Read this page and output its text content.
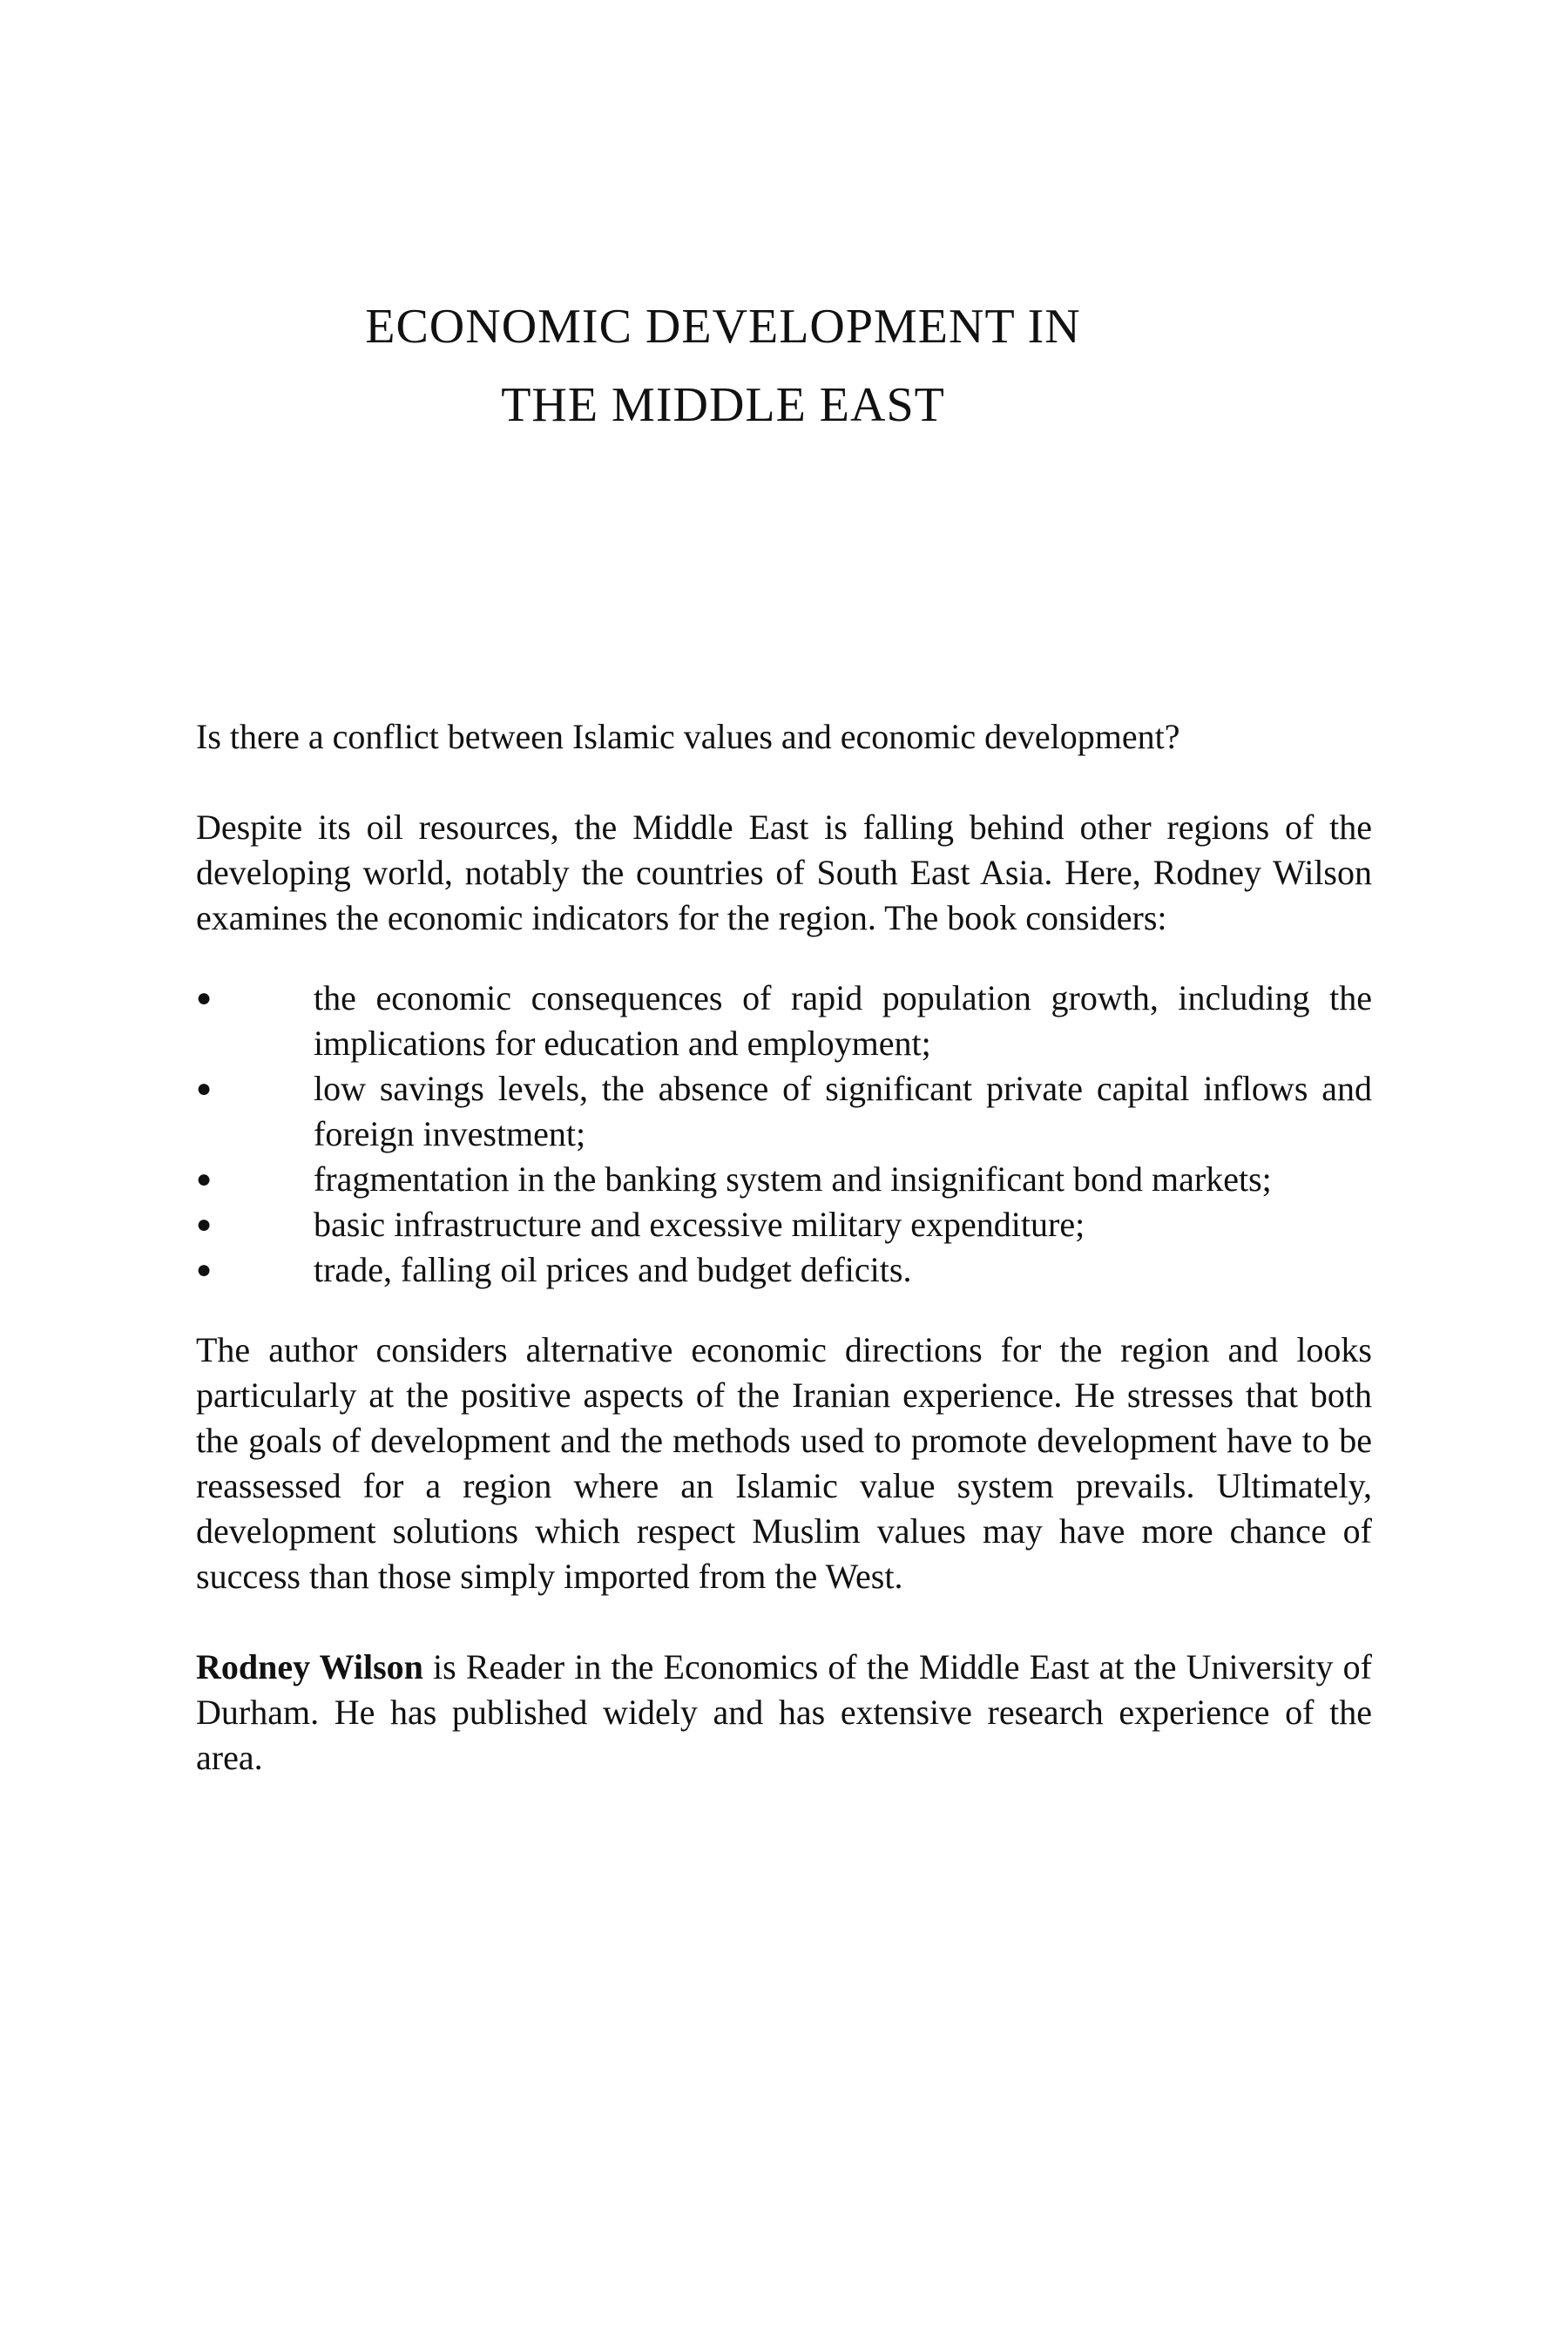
ECONOMIC DEVELOPMENT IN
THE MIDDLE EAST

Is there a conflict between Islamic values and economic development?

Despite its oil resources, the Middle East is falling behind other regions of the developing world, notably the countries of South East Asia. Here, Rodney Wilson examines the economic indicators for the region. The book considers:

●	the economic consequences of rapid population growth, including the implications for education and employment;
●	low savings levels, the absence of significant private capital inflows and foreign investment;
●	fragmentation in the banking system and insignificant bond markets;
●	basic infrastructure and excessive military expenditure;
●	trade, falling oil prices and budget deficits.

The author considers alternative economic directions for the region and looks particularly at the positive aspects of the Iranian experience. He stresses that both the goals of development and the methods used to promote development have to be reassessed for a region where an Islamic value system prevails. Ultimately, development solutions which respect Muslim values may have more chance of success than those simply imported from the West.

Rodney Wilson is Reader in the Economics of the Middle East at the University of Durham. He has published widely and has extensive research experience of the area.
